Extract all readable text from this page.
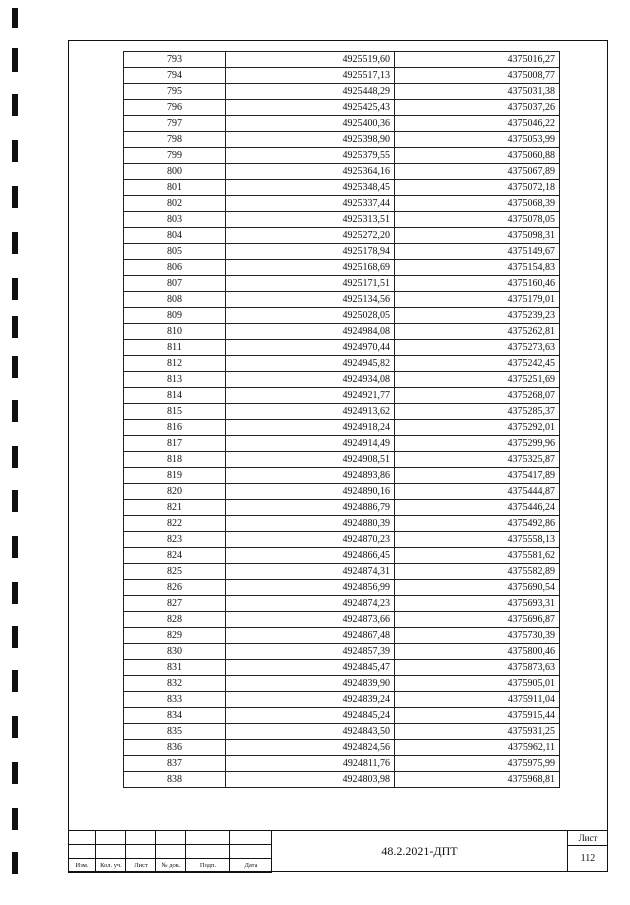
793	4925519,60	4375016,27
794	4925517,13	4375008,77
795	4925448,29	4375031,38
796	4925425,43	4375037,26
797	4925400,36	4375046,22
798	4925398,90	4375053,99
799	4925379,55	4375060,88
800	4925364,16	4375067,89
801	4925348,45	4375072,18
802	4925337,44	4375068,39
803	4925313,51	4375078,05
804	4925272,20	4375098,31
805	4925178,94	4375149,67
806	4925168,69	4375154,83
807	4925171,51	4375160,46
808	4925134,56	4375179,01
809	4925028,05	4375239,23
810	4924984,08	4375262,81
811	4924970,44	4375273,63
812	4924945,82	4375242,45
813	4924934,08	4375251,69
814	4924921,77	4375268,07
815	4924913,62	4375285,37
816	4924918,24	4375292,01
817	4924914,49	4375299,96
818	4924908,51	4375325,87
819	4924893,86	4375417,89
820	4924890,16	4375444,87
821	4924886,79	4375446,24
822	4924880,39	4375492,86
823	4924870,23	4375558,13
824	4924866,45	4375581,62
825	4924874,31	4375582,89
826	4924856,99	4375690,54
827	4924874,23	4375693,31
828	4924873,66	4375696,87
829	4924867,48	4375730,39
830	4924857,39	4375800,46
831	4924845,47	4375873,63
832	4924839,90	4375905,01
833	4924839,24	4375911,04
834	4924845,24	4375915,44
835	4924843,50	4375931,25
836	4924824,56	4375962,11
837	4924811,76	4375975,99
838	4924803,98	4375968,81
Изм.	Кол. уч.	Лист	№ док.	Подп.	Дата
48.2.2021-ДПТ
Лист
112
